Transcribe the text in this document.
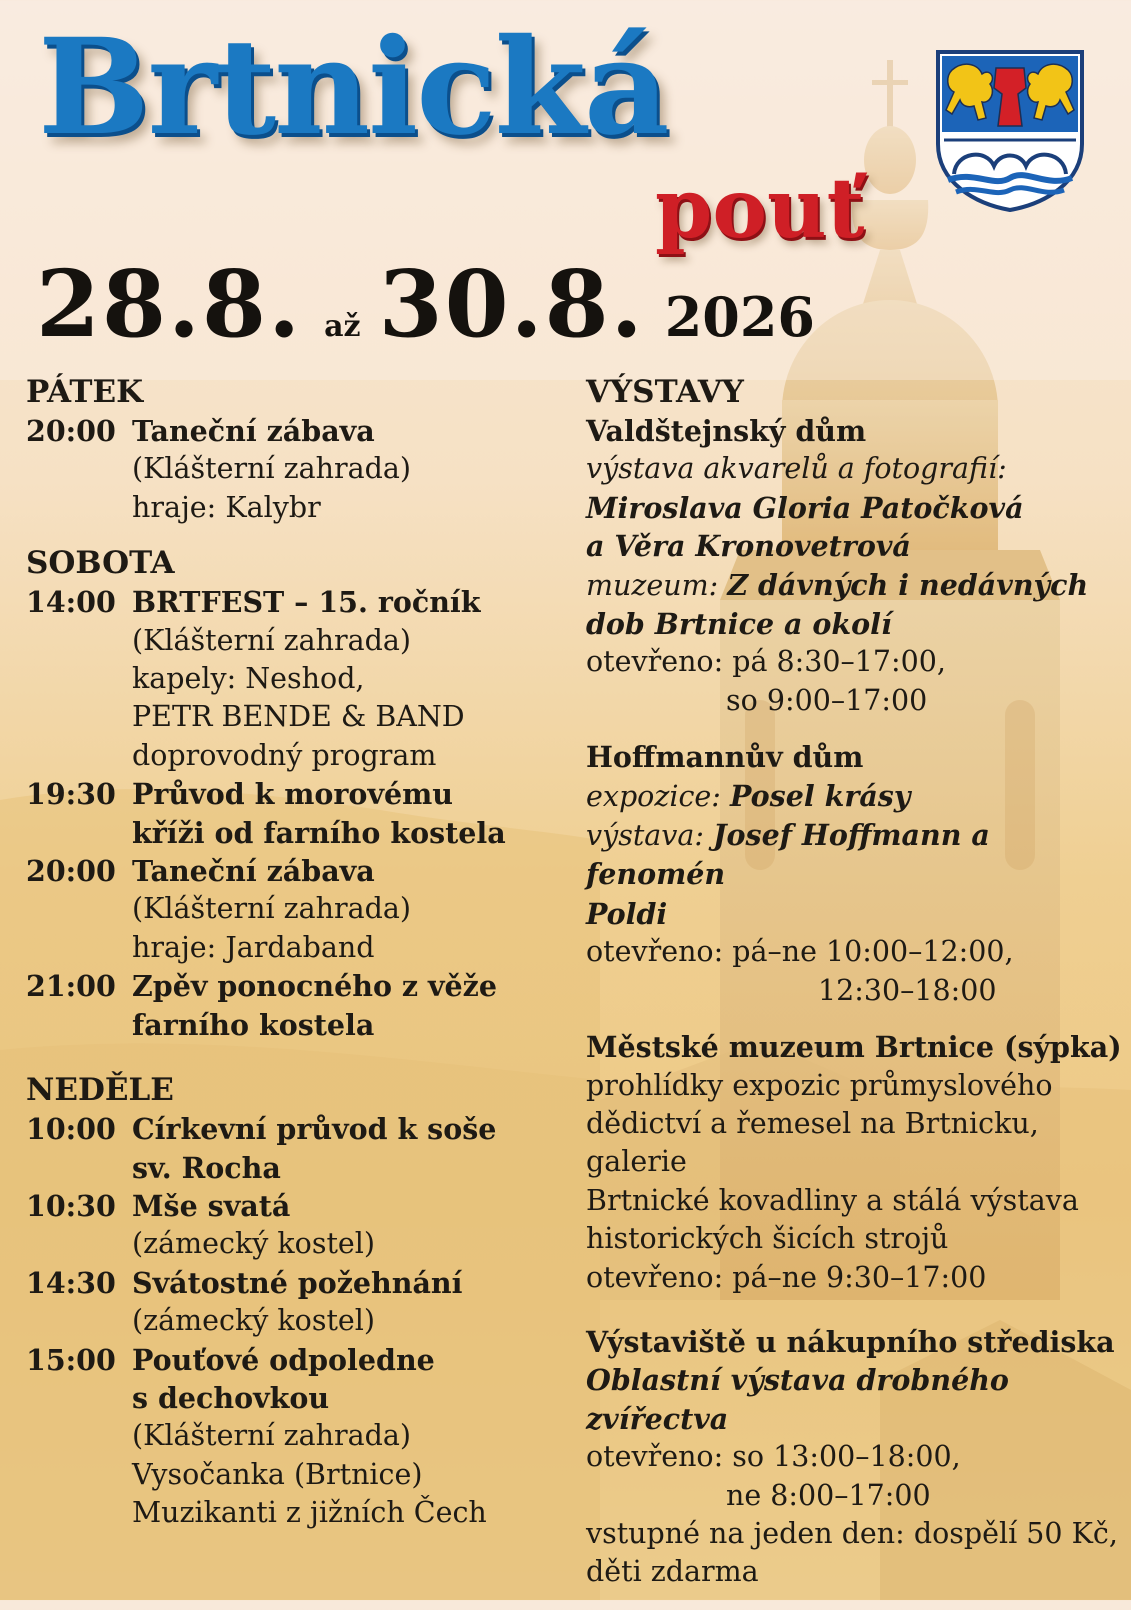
Brtnická
pouť
28.8. až 30.8. 2026

PÁTEK

20:00 Taneční zábava
(Klášterní zahrada)
hraje: Kalybr

SOBOTA

14:00 BRTFEST – 15. ročník
(Klášterní zahrada)
kapely: Neshod,
PETR BENDE & BAND
doprovodný program
19:30 Průvod k morovému
kříži od farního kostela
20:00 Taneční zábava
(Klášterní zahrada)
hraje: Jardaband
21:00 Zpěv ponocného z věže
farního kostela

NEDĚLE

10:00 Církevní průvod k soše
sv. Rocha
10:30 Mše svatá
(zámecký kostel)
14:30 Svátostné požehnání
(zámecký kostel)
15:00 Pouťové odpoledne
s dechovkou
(Klášterní zahrada)
Vysočanka (Brtnice)
Muzikanti z jižních Čech

VÝSTAVY

Valdštejnský dům
výstava akvarelů a fotografií:
Miroslava Gloria Patočková
a Věra Kronovetrová
muzeum: Z dávných i nedávných
dob Brtnice a okolí
otevřeno: pá 8:30–17:00,
so 9:00–17:00
Hoffmannův dům
expozice: Posel krásy
výstava: Josef Hoffmann a fenomén
Poldi
otevřeno: pá–ne 10:00–12:00,
12:30–18:00
Městské muzeum Brtnice (sýpka)
prohlídky expozic průmyslového
dědictví a řemesel na Brtnicku, galerie
Brtnické kovadliny a stálá výstava
historických šicích strojů
otevřeno: pá–ne 9:30–17:00
Výstaviště u nákupního střediska
Oblastní výstava drobného
zvířectva
otevřeno: so 13:00–18:00,
ne 8:00–17:00
vstupné na jeden den: dospělí 50 Kč,
děti zdarma
